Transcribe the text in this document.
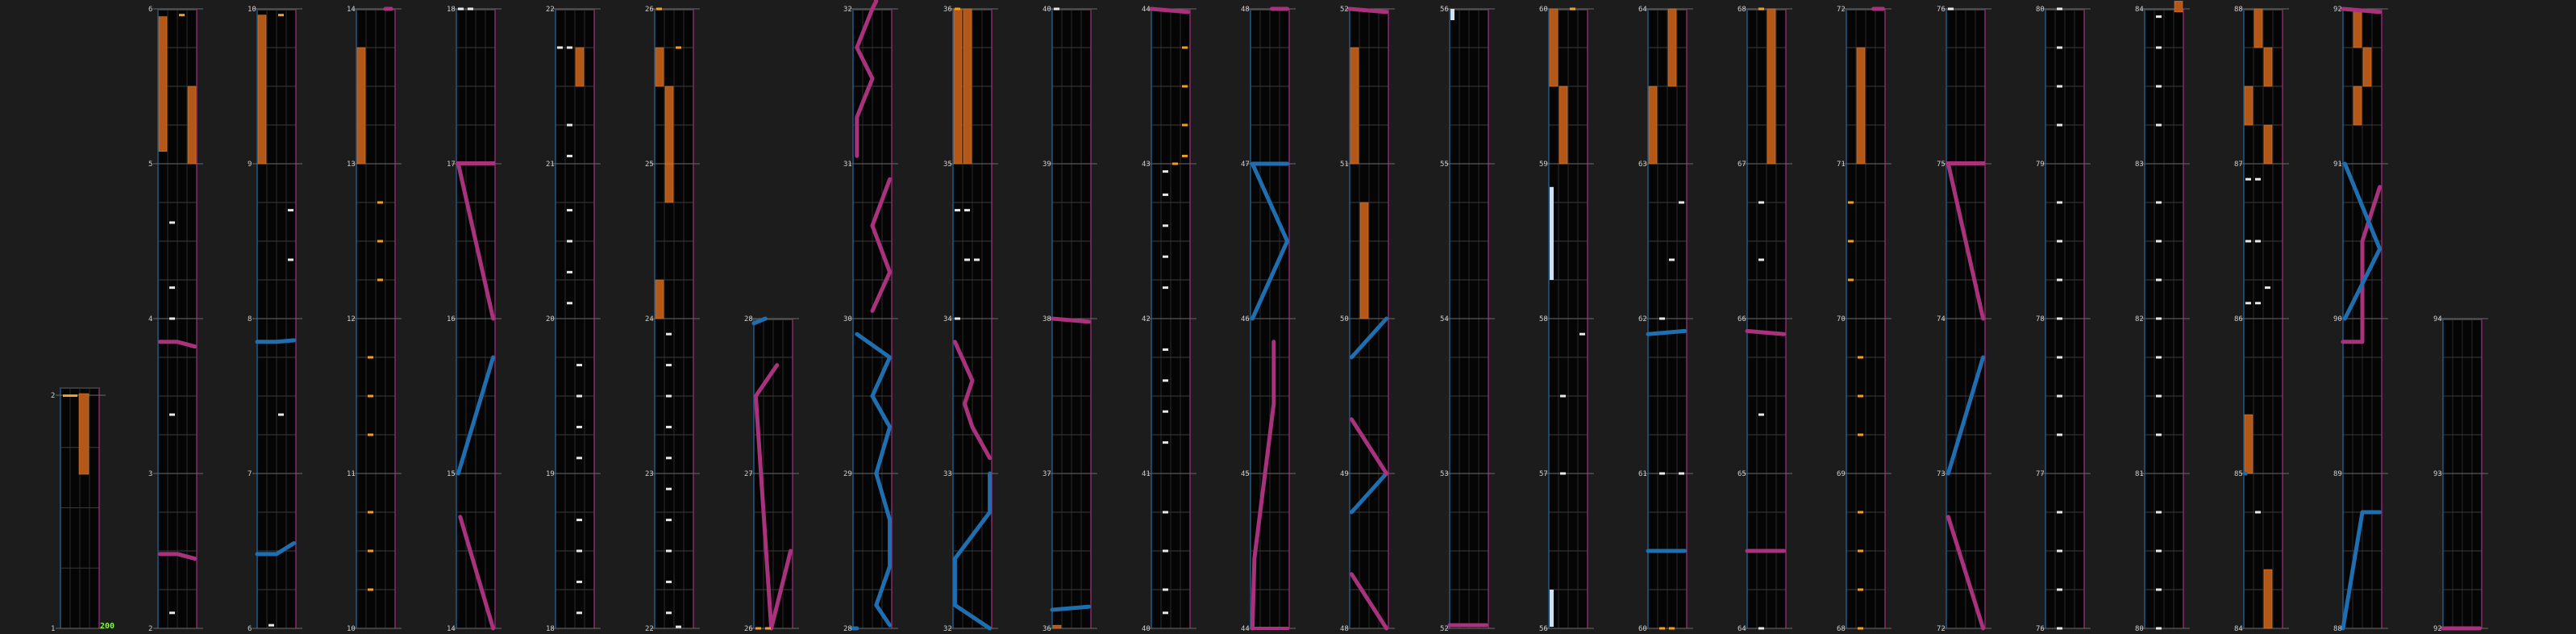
1
2
2
3
4
5
6
6
7
8
9
10
10
11
12
13
14
14
15
16
17
18
18
19
20
21
22
22
23
24
25
26
26
27
28
28
29
30
31
32
32
33
34
35
36
36
37
38
39
40
40
41
42
43
44
44
45
46
47
48
48
49
50
51
52
52
53
54
55
56
56
57
58
59
60
60
61
62
63
64
64
65
66
67
68
68
69
70
71
72
72
73
74
75
76
76
77
78
79
80
80
81
82
83
84
84
85
86
87
88
88
89
90
91
92
92
93
94
200
